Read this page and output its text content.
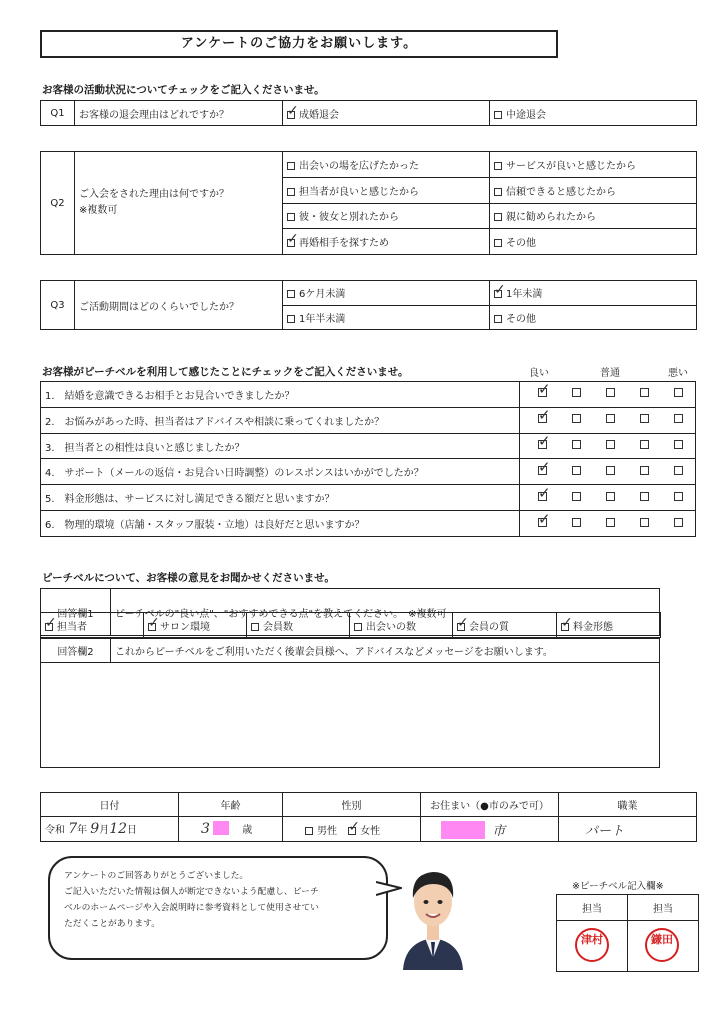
アンケートのご協力をお願いします。
お客様の活動状況についてチェックをご記入くださいませ。
Q1	お客様の退会理由はどれですか？	✓成婚退会	中途退会
Q2	ご入会をされた理由は何ですか？
※複数可	出会いの場を広げたかった	サービスが良いと感じたから
		担当者が良いと感じたから	信頼できると感じたから
		彼・彼女と別れたから	親に勧められたから
✓再婚相手を探すため	その他
Q3	ご活動期間はどのくらいでしたか？	6ケ月未満	✓1年未満
		1年半未満	その他
お客様がピーチベルを利用して感じたことにチェックをご記入くださいませ。	良い	普通	悪い
1.　結婚を意識できるお相手とお見合いできましたか？	✓
2.　お悩みがあった時、担当者はアドバイスや相談に乗ってくれましたか？	✓
3.　担当者との相性は良いと感じましたか？	✓
4.　サポート（メールの返信・お見合い日時調整）のレスポンスはいかがでしたか？	✓
5.　料金形態は、サービスに対し満足できる額だと思いますか？	✓
6.　物理的環境（店舗・スタッフ服装・立地）は良好だと思いますか？	✓
ピーチベルについて、お客様の意見をお聞かせくださいませ。
回答欄1	ピーチベルの"良い点"、"おすすめできる点"を教えてください。　※複数可
✓担当者	✓サロン環境	会員数	出会いの数	✓会員の質	✓料金形態
回答欄2	これからピーチベルをご利用いただく後輩会員様へ、アドバイスなどメッセージをお願いします。

日付	年齢	性別	お住まい（●市のみで可）	職業
令和 7年 9月12日	3 歳	男性 ✓ 女性	市	パート
アンケートのご回答ありがとうございました。
ご記入いただいた情報は個人が断定できないよう配慮し、ピーチ
ベルのホームページや入会説明時に参考資料として使用させてい
ただくことがあります。
※ピーチベル記入欄※
担当	担当

津村	鎌田
